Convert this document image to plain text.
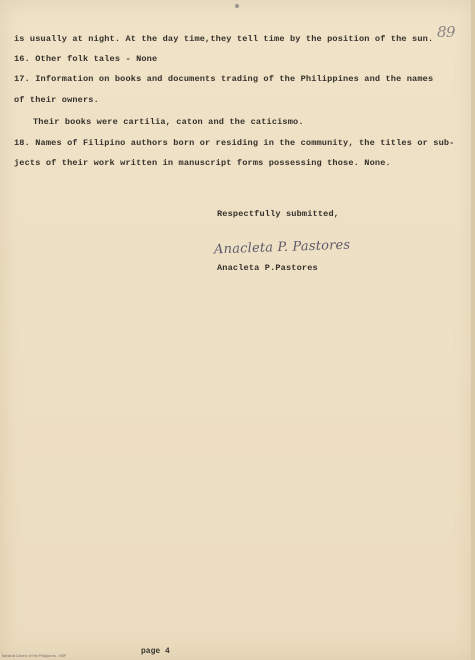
89

is usually at night. At the day time,they tell time by the position of the sun.

16. Other folk tales - None

17. Information on books and documents trading of the Philippines and the names

of their owners.

Their books were cartilia, caton and the caticismo.

18. Names of Filipino authors born or residing in the community, the titles or sub-

jects of their work written in manuscript forms possessing those. None.

Respectfully submitted,

Anacleta P. Pastores

Anacleta P.Pastores

National Library of the Philippines - HDP	page 4
